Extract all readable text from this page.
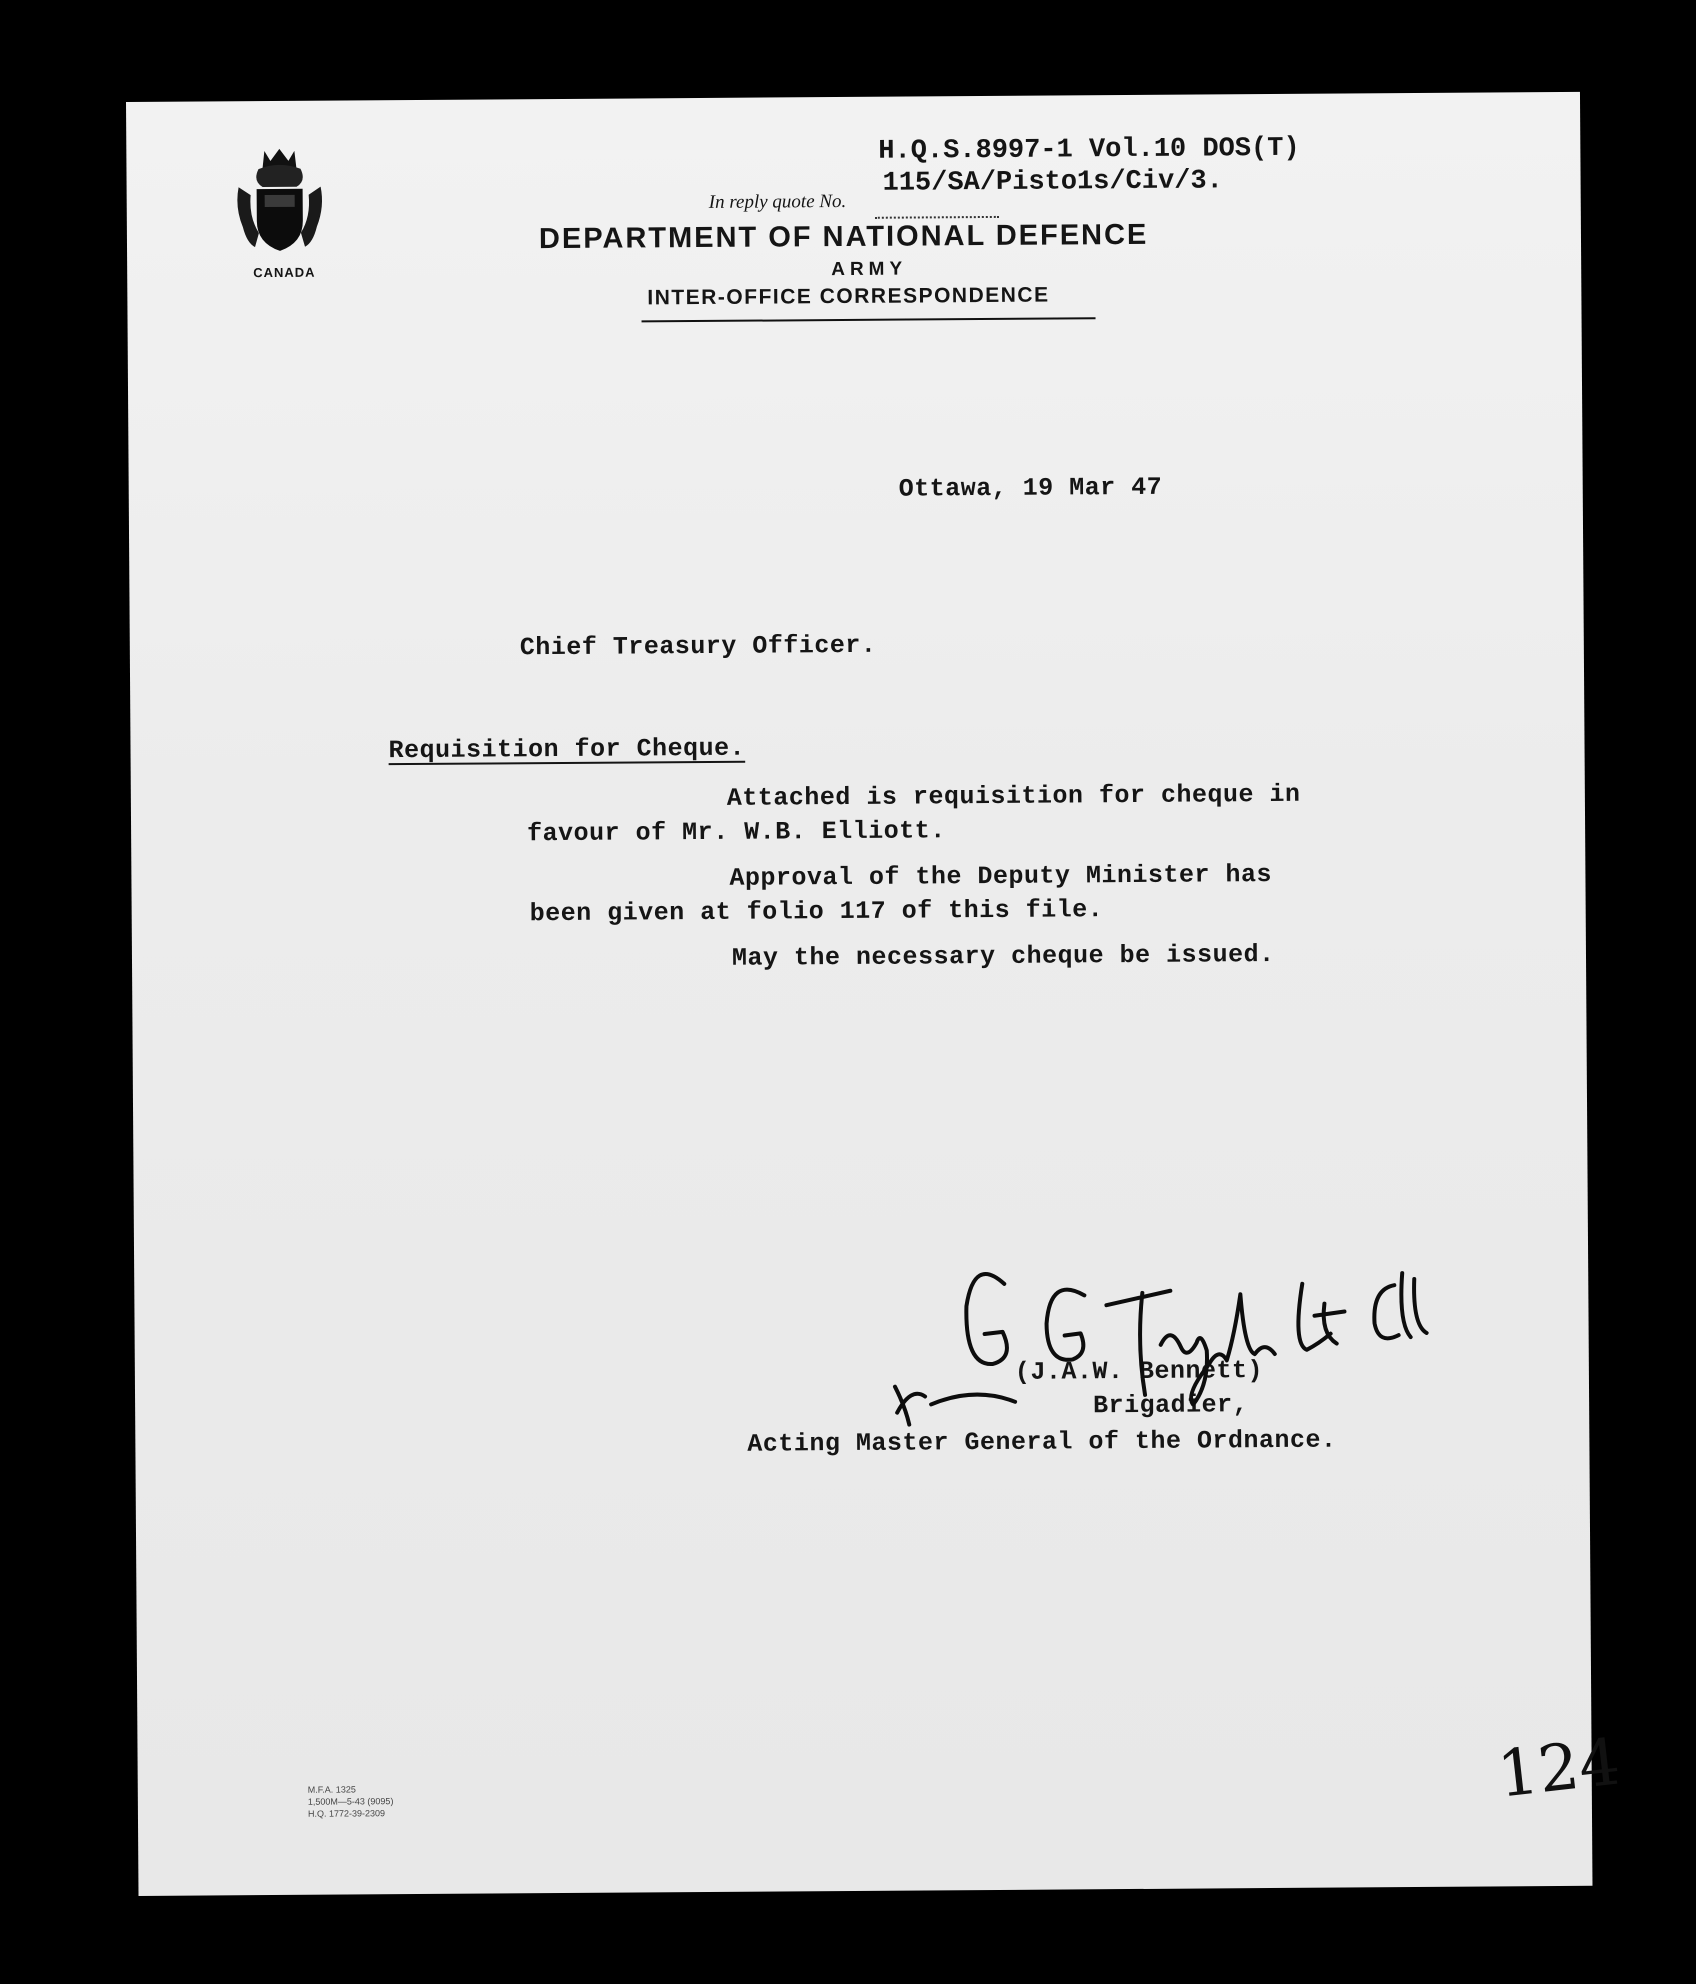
H.Q.S.8997-1 Vol.10 DOS(T)
In reply quote No.
115/SA/Pisto1s/Civ/3.
CANADA
DEPARTMENT OF NATIONAL DEFENCE
ARMY
INTER-OFFICE CORRESPONDENCE
Ottawa, 19 Mar 47
Chief Treasury Officer.
Requisition for Cheque.
Attached is requisition for cheque in
favour of Mr. W.B. Elliott.
Approval of the Deputy Minister has
been given at folio 117 of this file.
May the necessary cheque be issued.
(J.A.W. Bennett)
Brigadier,
Acting Master General of the Ordnance.
M.F.A. 1325
1,500M—5-43 (9095)
H.Q. 1772-39-2309
124
